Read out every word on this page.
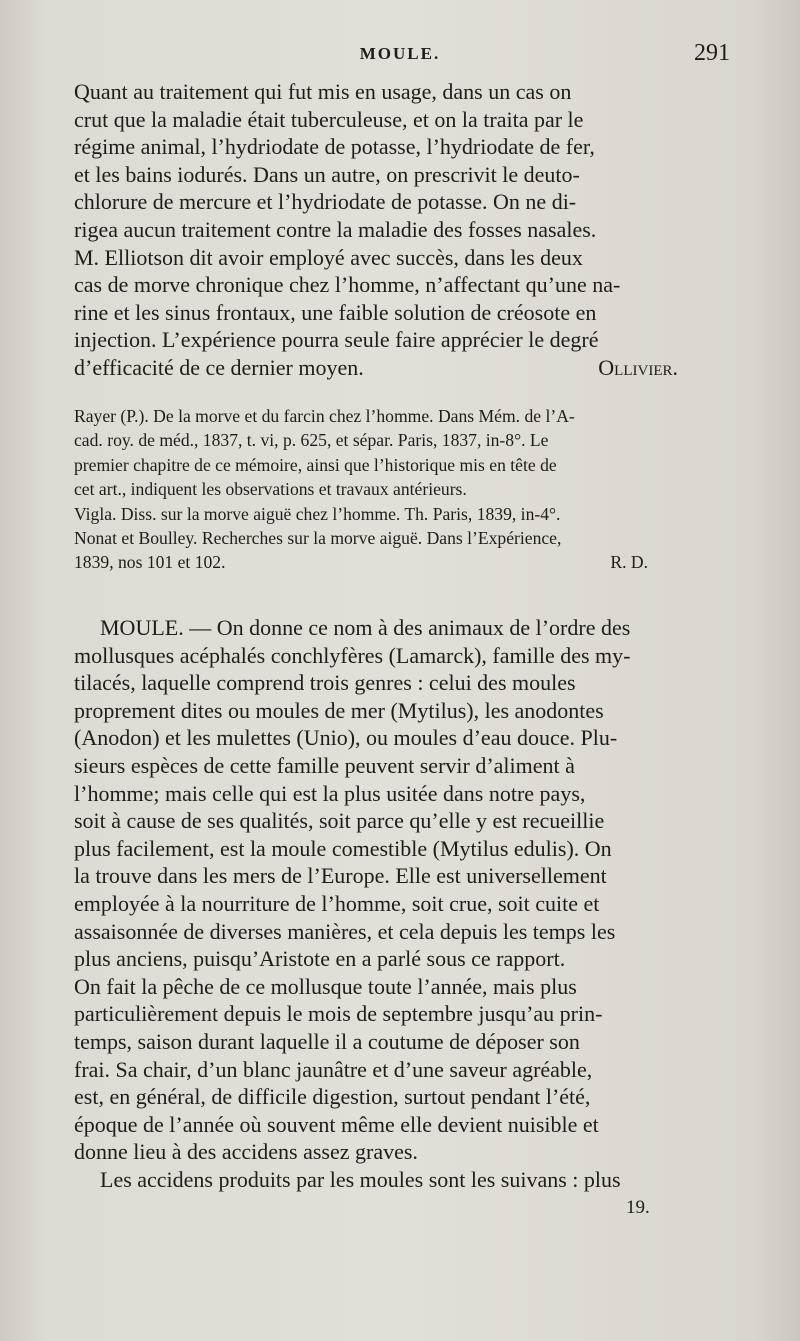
MOULE.	291
Quant au traitement qui fut mis en usage, dans un cas on
crut que la maladie était tuberculeuse, et on la traita par le
régime animal, l’hydriodate de potasse, l’hydriodate de fer,
et les bains iodurés. Dans un autre, on prescrivit le deuto-
chlorure de mercure et l’hydriodate de potasse. On ne di-
rigea aucun traitement contre la maladie des fosses nasales.
M. Elliotson dit avoir employé avec succès, dans les deux
cas de morve chronique chez l’homme, n’affectant qu’une na-
rine et les sinus frontaux, une faible solution de créosote en
injection. L’expérience pourra seule faire apprécier le degré
d’efficacité de ce dernier moyen.	Ollivier.
Rayer (P.). De la morve et du farcin chez l’homme. Dans Mém. de l’A-
cad. roy. de méd., 1837, t. vi, p. 625, et sépar. Paris, 1837, in-8°. Le
premier chapitre de ce mémoire, ainsi que l’historique mis en tête de
cet art., indiquent les observations et travaux antérieurs.
Vigla. Diss. sur la morve aiguë chez l’homme. Th. Paris, 1839, in-4°.
Nonat et Boulley. Recherches sur la morve aiguë. Dans l’Expérience,
1839, nos 101 et 102.	R. D.
MOULE. — On donne ce nom à des animaux de l’ordre des
mollusques acéphalés conchlyfères (Lamarck), famille des my-
tilacés, laquelle comprend trois genres : celui des moules
proprement dites ou moules de mer (Mytilus), les anodontes
(Anodon) et les mulettes (Unio), ou moules d’eau douce. Plu-
sieurs espèces de cette famille peuvent servir d’aliment à
l’homme; mais celle qui est la plus usitée dans notre pays,
soit à cause de ses qualités, soit parce qu’elle y est recueillie
plus facilement, est la moule comestible (Mytilus edulis). On
la trouve dans les mers de l’Europe. Elle est universellement
employée à la nourriture de l’homme, soit crue, soit cuite et
assaisonnée de diverses manières, et cela depuis les temps les
plus anciens, puisqu’Aristote en a parlé sous ce rapport.
On fait la pêche de ce mollusque toute l’année, mais plus
particulièrement depuis le mois de septembre jusqu’au prin-
temps, saison durant laquelle il a coutume de déposer son
frai. Sa chair, d’un blanc jaunâtre et d’une saveur agréable,
est, en général, de difficile digestion, surtout pendant l’été,
époque de l’année où souvent même elle devient nuisible et
donne lieu à des accidens assez graves.
Les accidens produits par les moules sont les suivans : plus
19.
